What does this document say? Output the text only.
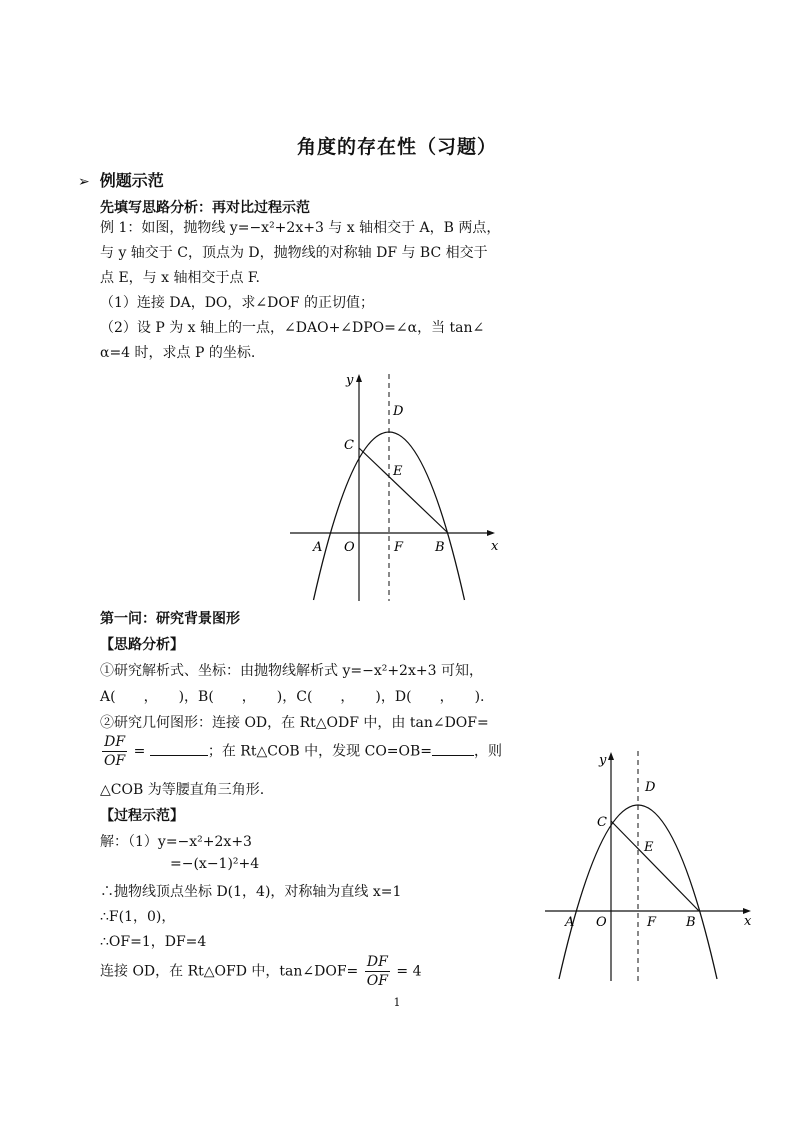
角度的存在性（习题）
➢ 例题示范
先填写思路分析：再对比过程示范
例 1：如图，抛物线 y=−x²+2x+3 与 x 轴相交于 A，B 两点，
与 y 轴交于 C，顶点为 D，抛物线的对称轴 DF 与 BC 相交于
点 E，与 x 轴相交于点 F.
（1）连接 DA，DO，求∠DOF 的正切值；
（2）设 P 为 x 轴上的一点，∠DAO+∠DPO=∠α，当 tan∠
α=4 时，求点 P 的坐标.
y
x
A O	F B
C
D
E
第一问：研究背景图形
【思路分析】
①研究解析式、坐标：由抛物线解析式 y=−x²+2x+3 可知，
A(　　，　　)，B(　　，　　)，C(　　，　　)，D(　　，　　).
②研究几何图形：连接 OD，在 Rt△ODF 中，由 tan∠DOF=
$\frac{DF}{OF}$ =	；在 Rt△COB 中，发现 CO=OB=	，则
△COB 为等腰直角三角形.
【过程示范】
解：（1）y=−x²+2x+3
=−(x−1)²+4
∴抛物线顶点坐标 D(1，4)，对称轴为直线 x=1
∴F(1，0)，
∴OF=1，DF=4
连接 OD，在 Rt△OFD 中，tan∠DOF= $\frac{DF}{OF} = 4$
y
x
A O	F B
C
D
E
1
